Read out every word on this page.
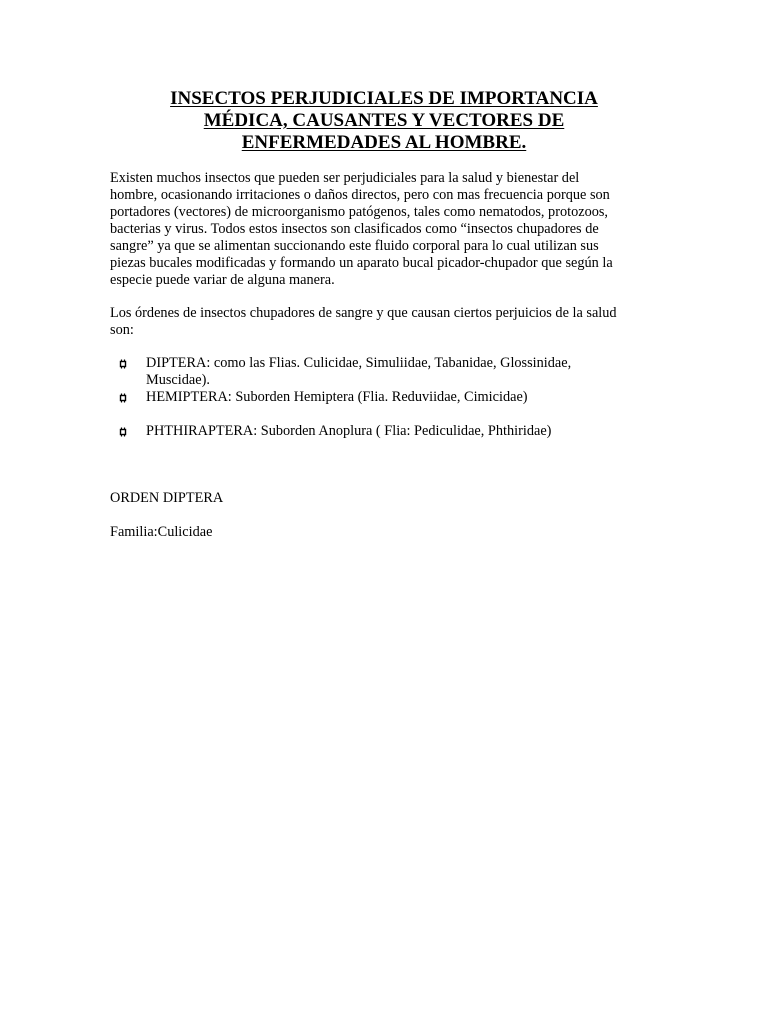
INSECTOS PERJUDICIALES DE IMPORTANCIA
MÉDICA, CAUSANTES Y VECTORES DE
ENFERMEDADES AL HOMBRE.

Existen muchos insectos que pueden ser perjudiciales para la salud y bienestar del
hombre, ocasionando irritaciones o daños directos, pero con mas frecuencia porque son
portadores (vectores) de microorganismo patógenos, tales como nematodos, protozoos,
bacterias y virus. Todos estos insectos son clasificados como “insectos chupadores de
sangre” ya que se alimentan succionando este fluido corporal para lo cual utilizan sus
piezas bucales modificadas y formando un aparato bucal picador-chupador que según la
especie puede variar de alguna manera.

Los órdenes de insectos chupadores de sangre y que causan ciertos perjuicios de la salud
son:

DIPTERA: como las Flias. Culicidae, Simuliidae, Tabanidae, Glossinidae,
Muscidae).
HEMIPTERA: Suborden Hemiptera (Flia. Reduviidae, Cimicidae)
PHTHIRAPTERA: Suborden Anoplura ( Flia: Pediculidae, Phthiridae)

ORDEN DIPTERA

Familia:Culicidae
